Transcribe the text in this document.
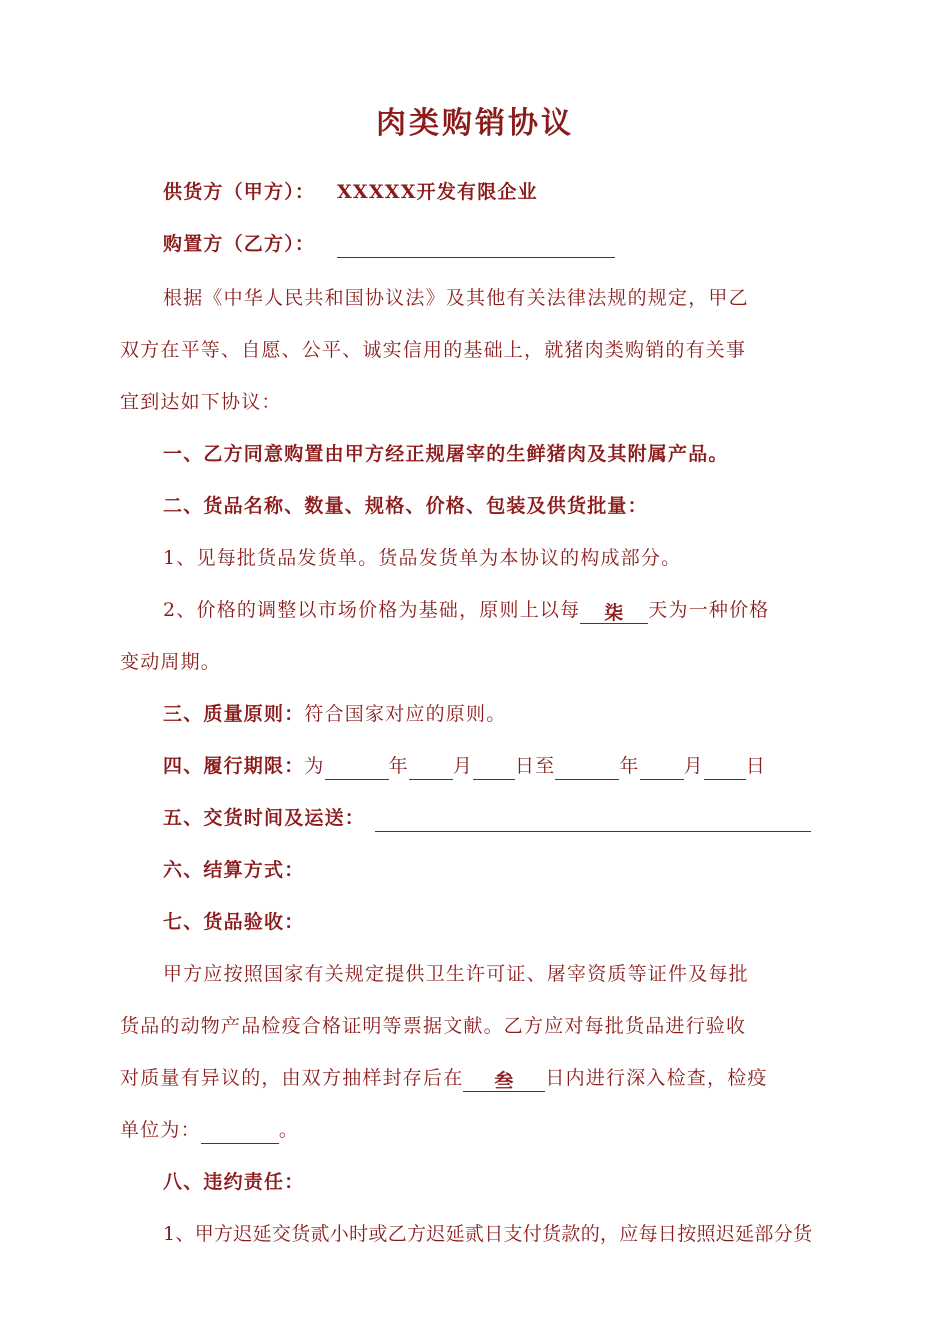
肉类购销协议
供货方（甲方）： XXXXX开发有限企业
购置方（乙方）：
根据《中华人民共和国协议法》及其他有关法律法规的规定，甲乙
双方在平等、自愿、公平、诚实信用的基础上，就猪肉类购销的有关事
宜到达如下协议：
一、乙方同意购置由甲方经正规屠宰的生鲜猪肉及其附属产品。
二、货品名称、数量、规格、价格、包装及供货批量：
1、见每批货品发货单。货品发货单为本协议的构成部分。
2、价格的调整以市场价格为基础，原则上以每 柒 天为一种价格
变动周期。
三、质量原则：符合国家对应的原则。
四、履行期限：为	年 月 日至	年 月 日
五、交货时间及运送：
六、结算方式：
七、货品验收：
甲方应按照国家有关规定提供卫生许可证、屠宰资质等证件及每批
货品的动物产品检疫合格证明等票据文献。乙方应对每批货品进行验收
对质量有异议的，由双方抽样封存后在 叁 日内进行深入检查，检疫
单位为：	。
八、违约责任：
1、甲方迟延交货贰小时或乙方迟延贰日支付货款的，应每日按照迟延部分货
